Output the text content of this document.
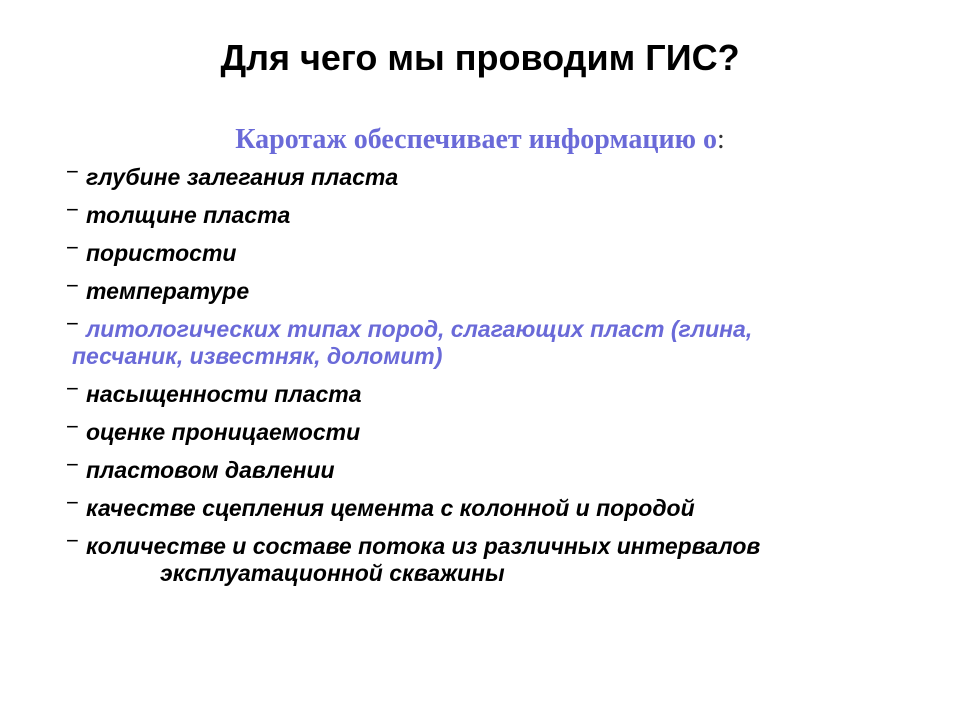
Для чего мы проводим ГИС?
Каротаж обеспечивает информацию о:
− глубине залегания пласта
− толщине пласта
− пористости
− температуре
− литологических типах пород, слагающих пласт (глина,
песчаник, известняк, доломит)
− насыщенности пласта
− оценке проницаемости
− пластовом давлении
− качестве сцепления цемента с колонной и породой
− количестве и составе потока из различных интервалов
эксплуатационной скважины
